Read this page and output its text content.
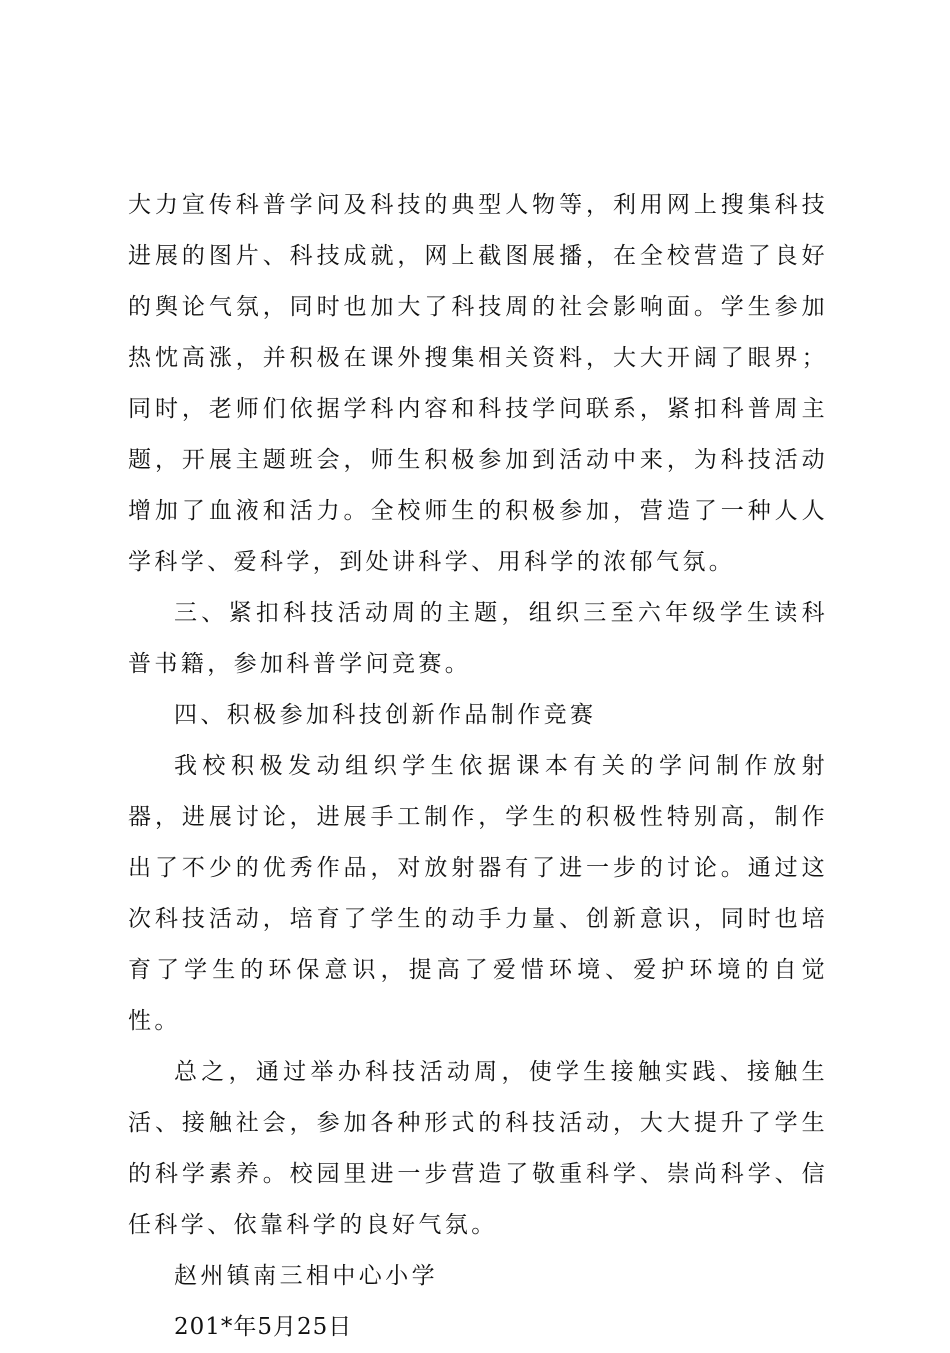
大力宣传科普学问及科技的典型人物等，利用网上搜集科技进展的图片、科技成就，网上截图展播，在全校营造了良好的舆论气氛，同时也加大了科技周的社会影响面。学生参加热忱高涨，并积极在课外搜集相关资料，大大开阔了眼界；同时，老师们依据学科内容和科技学问联系，紧扣科普周主题，开展主题班会，师生积极参加到活动中来，为科技活动增加了血液和活力。全校师生的积极参加，营造了一种人人学科学、爱科学，到处讲科学、用科学的浓郁气氛。

三、紧扣科技活动周的主题，组织三至六年级学生读科普书籍，参加科普学问竞赛。

四、积极参加科技创新作品制作竞赛

我校积极发动组织学生依据课本有关的学问制作放射器，进展讨论，进展手工制作，学生的积极性特别高，制作出了不少的优秀作品，对放射器有了进一步的讨论。通过这次科技活动，培育了学生的动手力量、创新意识，同时也培育了学生的环保意识，提高了爱惜环境、爱护环境的自觉性。

总之，通过举办科技活动周，使学生接触实践、接触生活、接触社会，参加各种形式的科技活动，大大提升了学生的科学素养。校园里进一步营造了敬重科学、崇尚科学、信任科学、依靠科学的良好气氛。

赵州镇南三相中心小学

201*年5月25日
